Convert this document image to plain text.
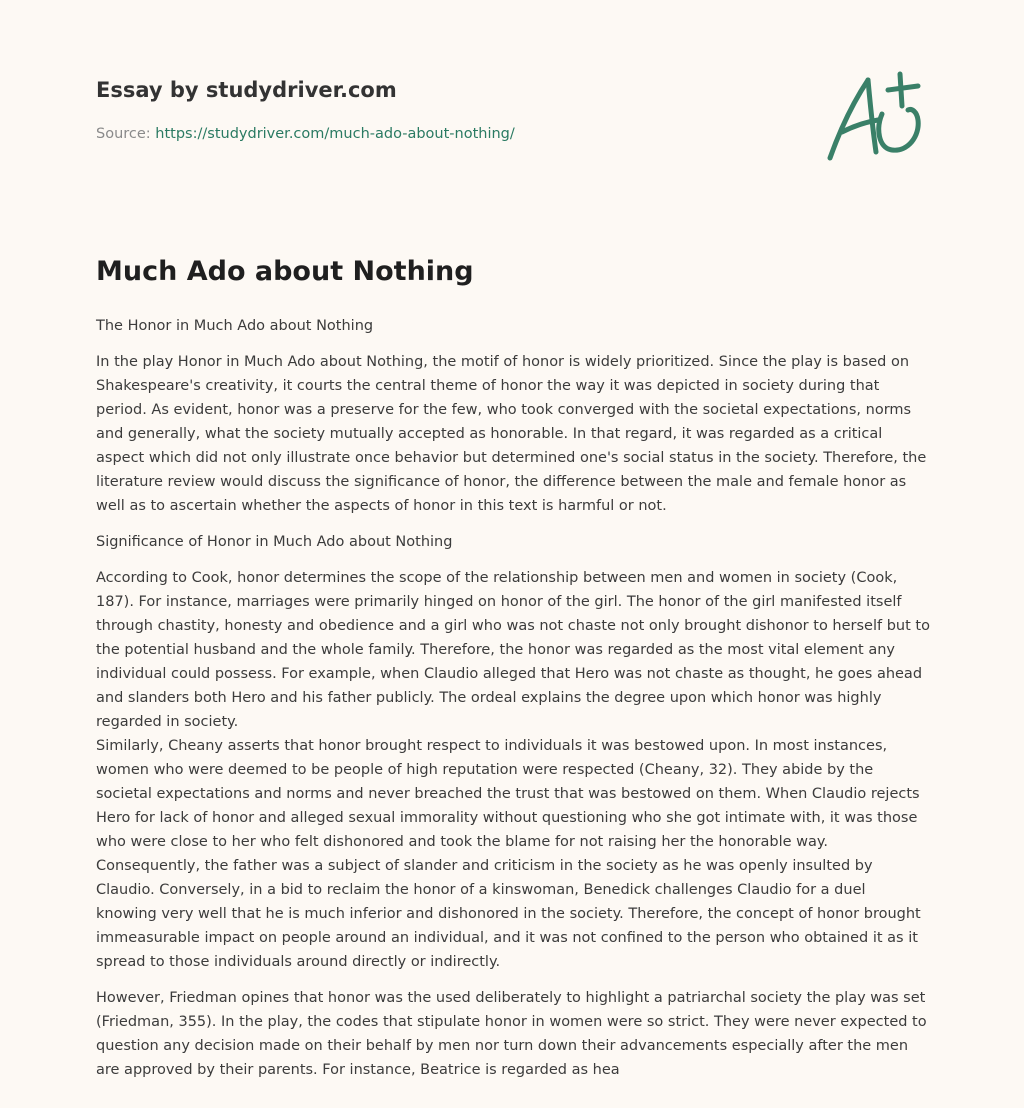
Essay by studydriver.com
Source: https://studydriver.com/much-ado-about-nothing/
Much Ado about Nothing

The Honor in Much Ado about Nothing

In the play Honor in Much Ado about Nothing, the motif of honor is widely prioritized. Since the play is based on Shakespeare's creativity, it courts the central theme of honor the way it was depicted in society during that period. As evident, honor was a preserve for the few, who took converged with the societal expectations, norms and generally, what the society mutually accepted as honorable. In that regard, it was regarded as a critical aspect which did not only illustrate once behavior but determined one's social status in the society. Therefore, the literature review would discuss the significance of honor, the difference between the male and female honor as well as to ascertain whether the aspects of honor in this text is harmful or not.

Significance of Honor in Much Ado about Nothing

According to Cook, honor determines the scope of the relationship between men and women in society (Cook, 187). For instance, marriages were primarily hinged on honor of the girl. The honor of the girl manifested itself through chastity, honesty and obedience and a girl who was not chaste not only brought dishonor to herself but to the potential husband and the whole family. Therefore, the honor was regarded as the most vital element any individual could possess. For example, when Claudio alleged that Hero was not chaste as thought, he goes ahead and slanders both Hero and his father publicly. The ordeal explains the degree upon which honor was highly regarded in society.

Similarly, Cheany asserts that honor brought respect to individuals it was bestowed upon. In most instances, women who were deemed to be people of high reputation were respected (Cheany, 32). They abide by the societal expectations and norms and never breached the trust that was bestowed on them. When Claudio rejects Hero for lack of honor and alleged sexual immorality without questioning who she got intimate with, it was those who were close to her who felt dishonored and took the blame for not raising her the honorable way. Consequently, the father was a subject of slander and criticism in the society as he was openly insulted by Claudio. Conversely, in a bid to reclaim the honor of a kinswoman, Benedick challenges Claudio for a duel knowing very well that he is much inferior and dishonored in the society. Therefore, the concept of honor brought immeasurable impact on people around an individual, and it was not confined to the person who obtained it as it spread to those individuals around directly or indirectly.

However, Friedman opines that honor was the used deliberately to highlight a patriarchal society the play was set (Friedman, 355). In the play, the codes that stipulate honor in women were so strict. They were never expected to question any decision made on their behalf by men nor turn down their advancements especially after the men are approved by their parents. For instance, Beatrice is regarded as hea
